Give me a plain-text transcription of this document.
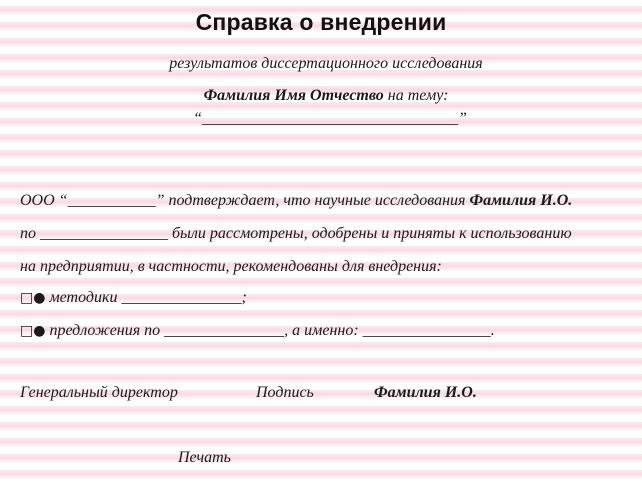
Справка о внедрении
результатов диссертационного исследования
Фамилия Имя Отчество на тему:
“________________________________”
ООО “___________” подтверждает, что научные исследования Фамилия И.О.
по ________________ были рассмотрены, одобрены и приняты к использованию
на предприятии, в частности, рекомендованы для внедрения:
□● методики _______________;
□● предложения по _______________, а именно: ________________.
Генеральный директор	Подпись	Фамилия И.О.
Печать
